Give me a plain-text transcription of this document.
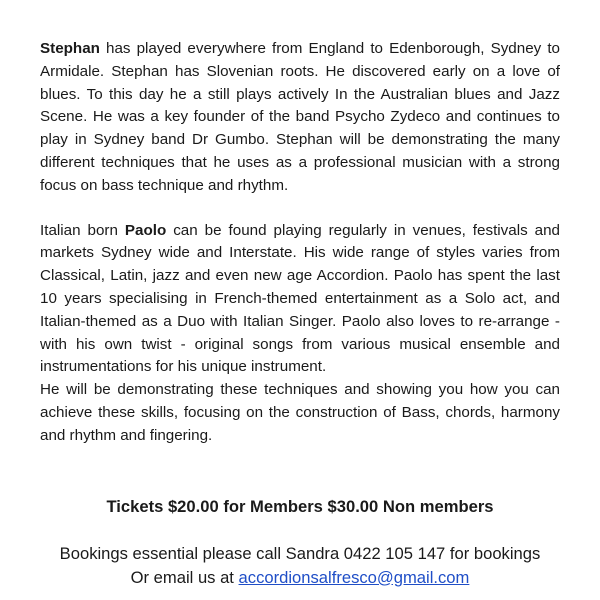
Stephan has played everywhere from England to Edenborough, Sydney to Armidale. Stephan has Slovenian roots. He discovered early on a love of blues. To this day he a still plays actively In the Australian blues and Jazz Scene. He was a key founder of the band Psycho Zydeco and continues to play in Sydney band Dr Gumbo. Stephan will be demonstrating the many different techniques that he uses as a professional musician with a strong focus on bass technique and rhythm.

Italian born Paolo can be found playing regularly in venues, festivals and markets Sydney wide and Interstate. His wide range of styles varies from Classical, Latin, jazz and even new age Accordion. Paolo has spent the last 10 years specialising in French-themed entertainment as a Solo act, and Italian-themed as a Duo with Italian Singer. Paolo also loves to re-arrange - with his own twist - original songs from various musical ensemble and instrumentations for his unique instrument.

He will be demonstrating these techniques and showing you how you can achieve these skills, focusing on the construction of Bass, chords, harmony and rhythm and fingering.

Tickets $20.00 for Members $30.00 Non members

Bookings essential please call Sandra 0422 105 147 for bookings
Or email us at accordionsalfresco@gmail.com
